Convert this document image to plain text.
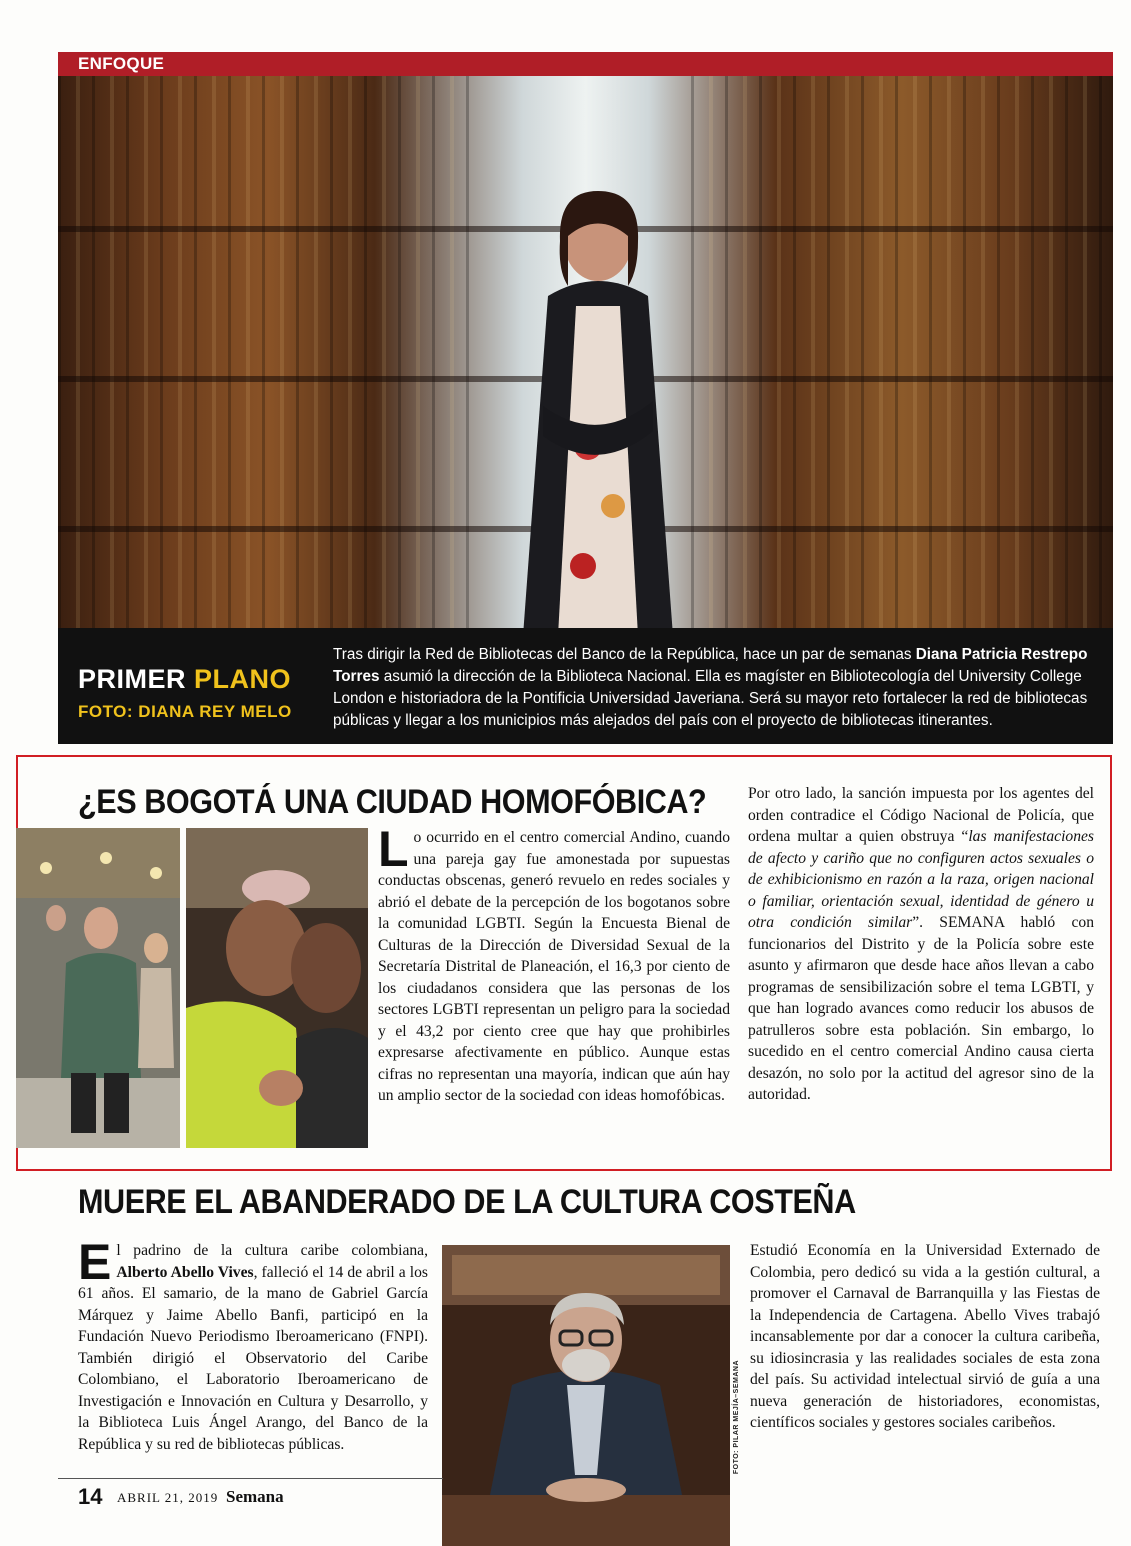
ENFOQUE
PRIMER PLANO
FOTO: DIANA REY MELO
Tras dirigir la Red de Bibliotecas del Banco de la República, hace un par de semanas Diana Patricia Restrepo Torres asumió la dirección de la Biblioteca Nacional. Ella es magíster en Bibliotecología del University College London e historiadora de la Pontificia Universidad Javeriana. Será su mayor reto fortalecer la red de bibliotecas públicas y llegar a los municipios más alejados del país con el proyecto de bibliotecas itinerantes.
¿ES BOGOTÁ UNA CIUDAD HOMOFÓBICA?
Lo ocurrido en el centro comercial Andino, cuando una pareja gay fue amonestada por supuestas conductas obscenas, generó revuelo en redes sociales y abrió el debate de la percepción de los bogotanos sobre la comunidad LGBTI. Según la Encuesta Bienal de Culturas de la Dirección de Diversidad Sexual de la Secretaría Distrital de Planeación, el 16,3 por ciento de los ciudadanos considera que las personas de los sectores LGBTI representan un peligro para la sociedad y el 43,2 por ciento cree que hay que prohibirles expresarse afectivamente en público. Aunque estas cifras no representan una mayoría, indican que aún hay un amplio sector de la sociedad con ideas homofóbicas.
Por otro lado, la sanción impuesta por los agentes del orden contradice el Código Nacional de Policía, que ordena multar a quien obstruya “las manifestaciones de afecto y cariño que no configuren actos sexuales o de exhibicionismo en razón a la raza, origen nacional o familiar, orientación sexual, identidad de género u otra condición similar”. SEMANA habló con funcionarios del Distrito y de la Policía sobre este asunto y afirmaron que desde hace años llevan a cabo programas de sensibilización sobre el tema LGBTI, y que han logrado avances como reducir los abusos de patrulleros sobre esta población. Sin embargo, lo sucedido en el centro comercial Andino causa cierta desazón, no solo por la actitud del agresor sino de la autoridad.
MUERE EL ABANDERADO DE LA CULTURA COSTEÑA
El padrino de la cultura caribe colombiana, Alberto Abello Vives, falleció el 14 de abril a los 61 años. El samario, de la mano de Gabriel García Márquez y Jaime Abello Banfi, participó en la Fundación Nuevo Periodismo Iberoamericano (FNPI). También dirigió el Observatorio del Caribe Colombiano, el Laboratorio Iberoamericano de Investigación e Innovación en Cultura y Desarrollo, y la Biblioteca Luis Ángel Arango, del Banco de la República y su red de bibliotecas públicas.	FOTO: PILAR MEJÍA–SEMANA
Estudió Economía en la Universidad Externado de Colombia, pero dedicó su vida a la gestión cultural, a promover el Carnaval de Barranquilla y las Fiestas de la Independencia de Cartagena. Abello Vives trabajó incansablemente por dar a conocer la cultura caribeña, su idiosincrasia y las realidades sociales de esta zona del país. Su actividad intelectual sirvió de guía a una nueva generación de historiadores, economistas, científicos sociales y gestores sociales caribeños.
14 ABRIL 21, 2019 Semana
